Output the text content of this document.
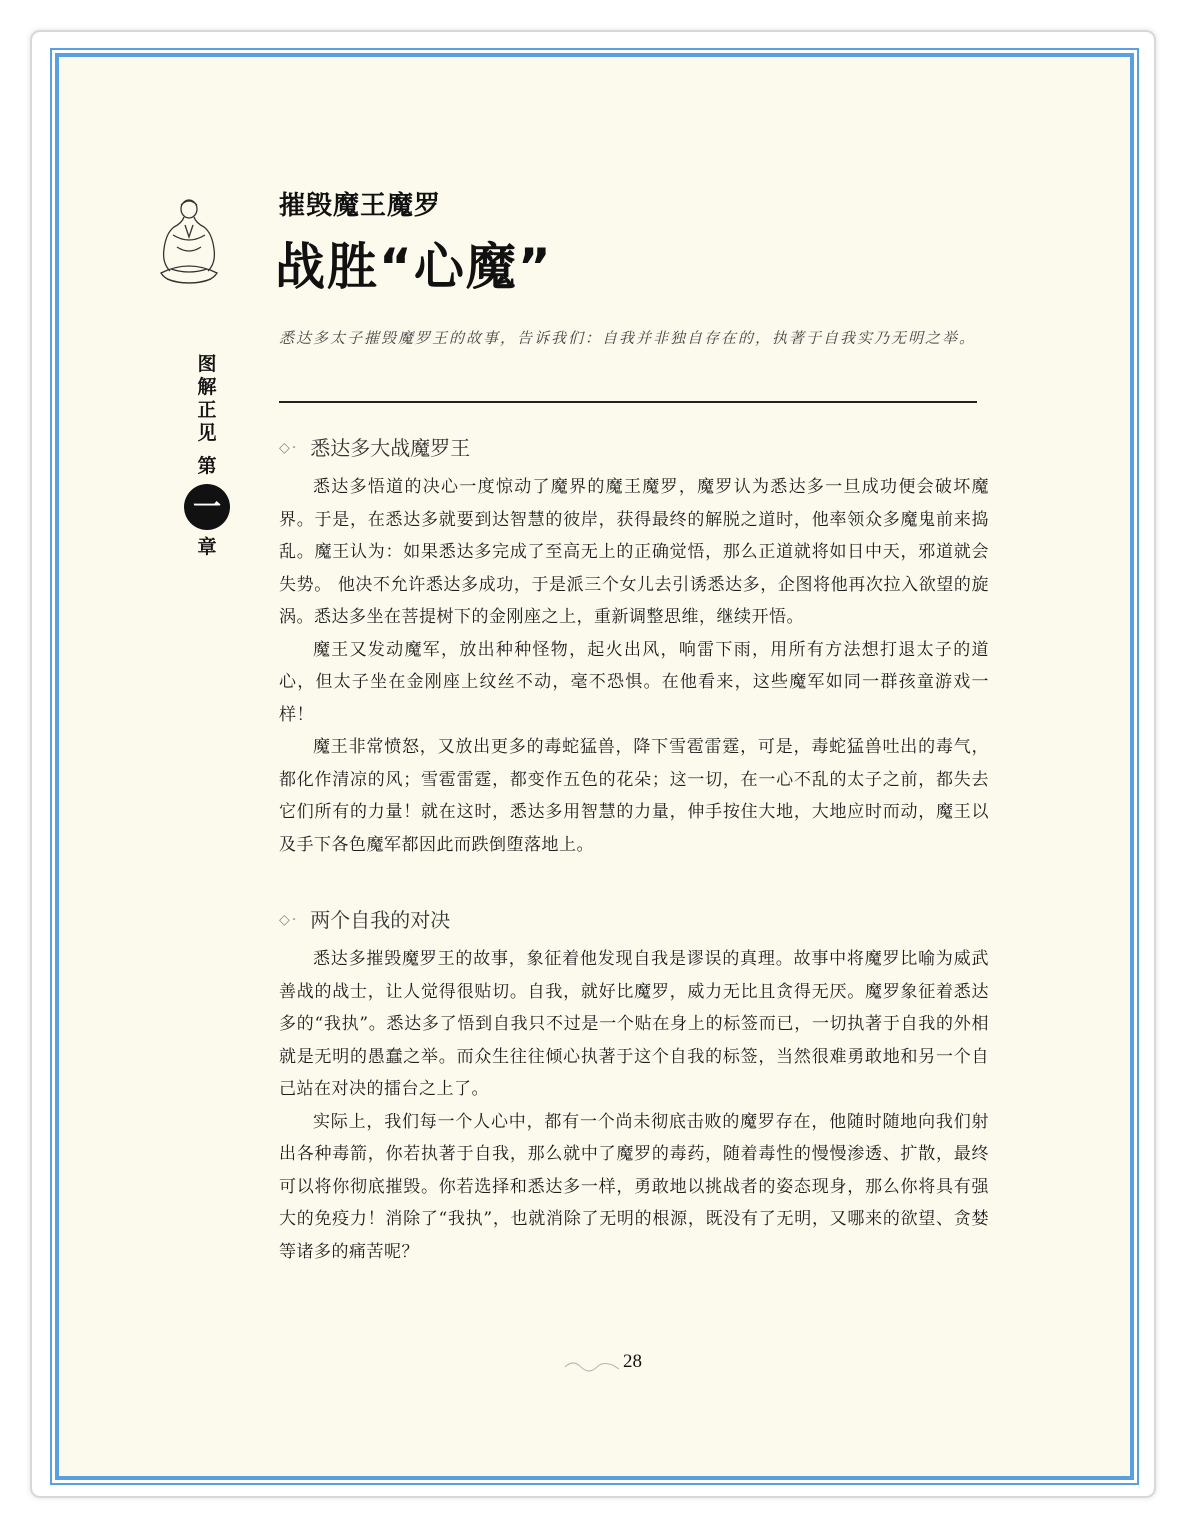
图
解
正
见
第
一
章
摧毁魔王魔罗
战胜“心魔”
悉达多太子摧毁魔罗王的故事，告诉我们：自我并非独自存在的，执著于自我实乃无明之举。
◇· 悉达多大战魔罗王

悉达多悟道的决心一度惊动了魔界的魔王魔罗，魔罗认为悉达多一旦成功便会破坏魔界。于是，在悉达多就要到达智慧的彼岸，获得最终的解脱之道时，他率领众多魔鬼前来捣乱。魔王认为：如果悉达多完成了至高无上的正确觉悟，那么正道就将如日中天，邪道就会失势。 他决不允许悉达多成功，于是派三个女儿去引诱悉达多，企图将他再次拉入欲望的旋涡。悉达多坐在菩提树下的金刚座之上，重新调整思维，继续开悟。

魔王又发动魔军，放出种种怪物，起火出风，响雷下雨，用所有方法想打退太子的道心，但太子坐在金刚座上纹丝不动，毫不恐惧。在他看来，这些魔军如同一群孩童游戏一样！

魔王非常愤怒，又放出更多的毒蛇猛兽，降下雪雹雷霆，可是，毒蛇猛兽吐出的毒气，都化作清凉的风；雪雹雷霆，都变作五色的花朵；这一切，在一心不乱的太子之前，都失去它们所有的力量！就在这时，悉达多用智慧的力量，伸手按住大地，大地应时而动，魔王以及手下各色魔军都因此而跌倒堕落地上。

◇· 两个自我的对决

悉达多摧毁魔罗王的故事，象征着他发现自我是谬误的真理。故事中将魔罗比喻为威武善战的战士，让人觉得很贴切。自我，就好比魔罗，威力无比且贪得无厌。魔罗象征着悉达多的“我执”。悉达多了悟到自我只不过是一个贴在身上的标签而已，一切执著于自我的外相就是无明的愚蠢之举。而众生往往倾心执著于这个自我的标签，当然很难勇敢地和另一个自己站在对决的擂台之上了。

实际上，我们每一个人心中，都有一个尚未彻底击败的魔罗存在，他随时随地向我们射出各种毒箭，你若执著于自我，那么就中了魔罗的毒药，随着毒性的慢慢渗透、扩散，最终可以将你彻底摧毁。你若选择和悉达多一样，勇敢地以挑战者的姿态现身，那么你将具有强大的免疫力！消除了“我执”，也就消除了无明的根源，既没有了无明，又哪来的欲望、贪婪等诸多的痛苦呢？

28
